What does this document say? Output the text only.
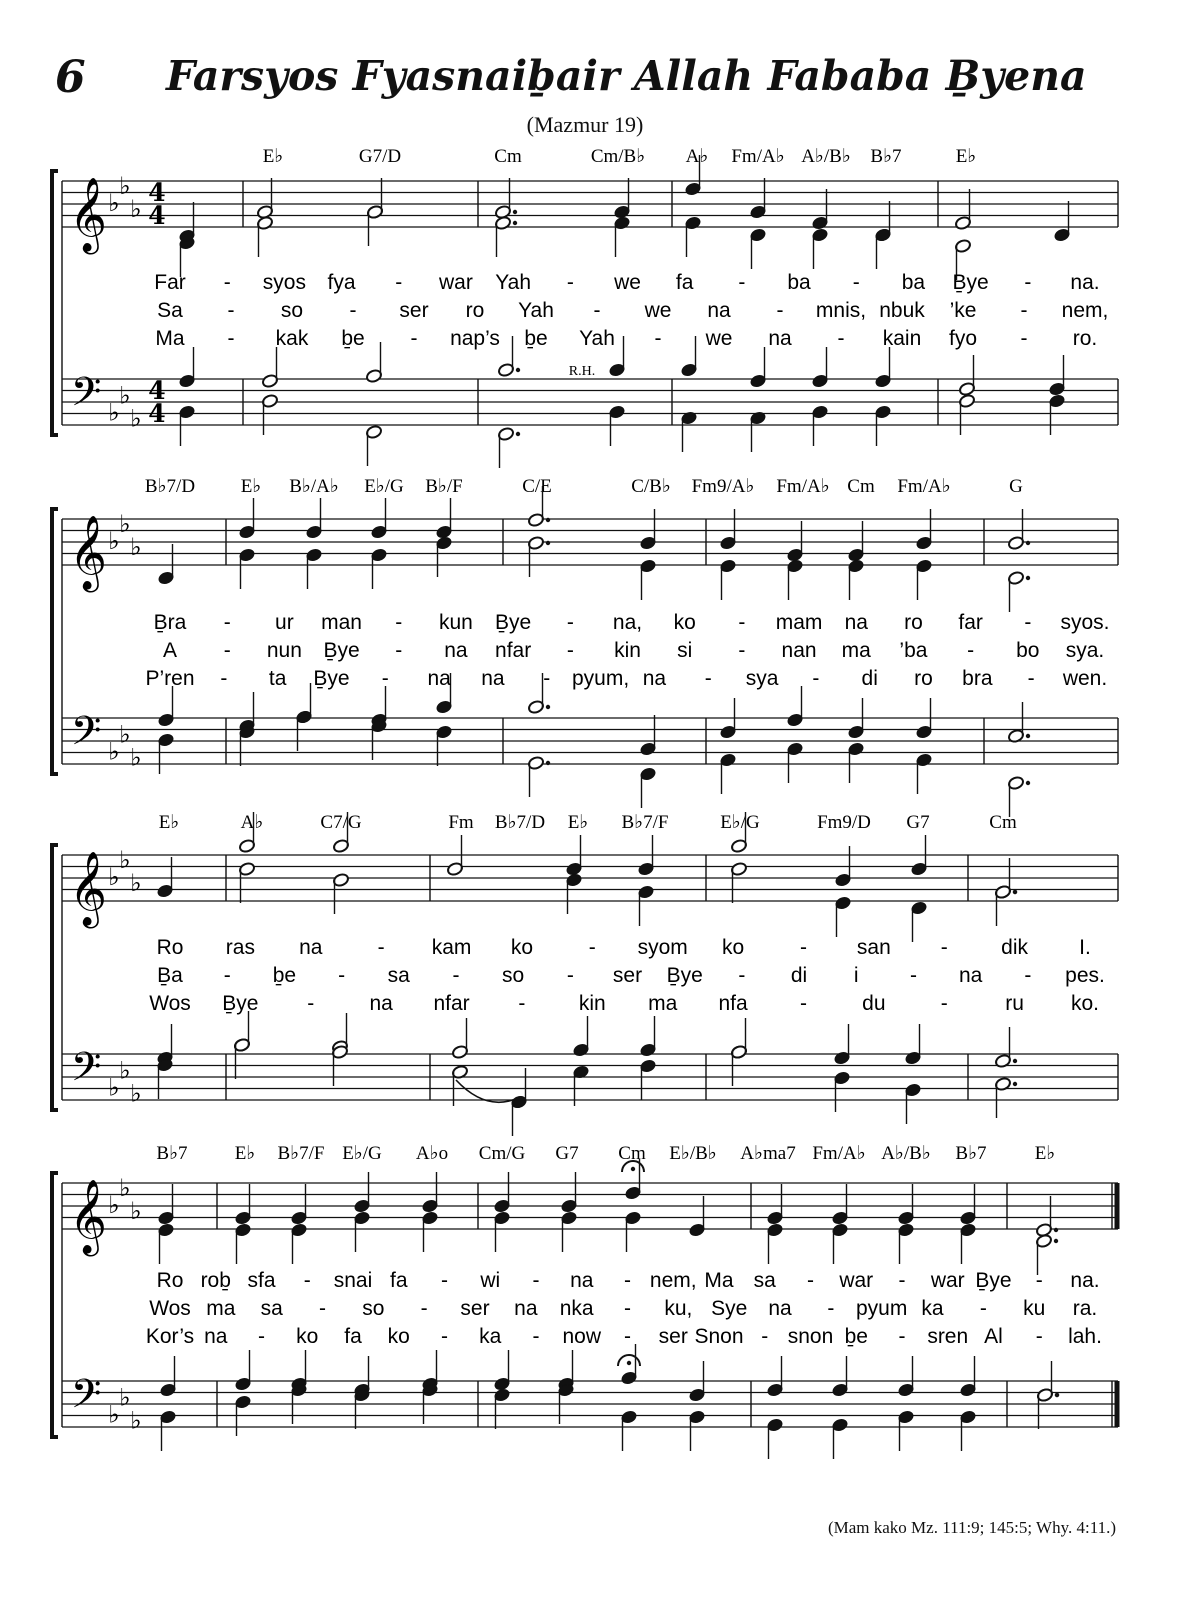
6 Farsyos Fyasnaiḇair Allah Fababa Ḇyena
(Mazmur 19)
𝄞 ♭
♭
♭
4
4
𝄢 ♭
♭
♭
4
4
E♭	G7/D	Cm	Cm/B♭ A♭ Fm/A♭ A♭/B♭ B♭7	E♭
R.H.
Far - syos fya - war Yah - we fa - ba - ba Ḇye - na.
Sa - so - ser ro Yah - we na - mnis, nbuk ’ke - nem,
Ma - kak ḇe - nap’s ḇe Yah - we na - kain fyo - ro.
𝄞 ♭
♭
♭
𝄢 ♭
♭
♭
B♭7/D E♭ B♭/A♭ E♭/G B♭/F	C/E	C/B♭ Fm9/A♭ Fm/A♭ Cm Fm/A♭	G
Ḇra - ur man - kun Ḇye - na, ko - mam na ro far - syos.
A - nun Ḇye - na nfar - kin si - nan ma ’ba - bo sya.
P’ren - ta Ḇye - na na - pyum, na - sya - di ro bra - wen.
𝄞 ♭
♭
♭
𝄢 ♭
♭
♭
E♭	A♭	C7/G	Fm B♭7/D E♭ B♭7/F	E♭/G	Fm9/D G7	Cm
Ro ras na	- kam ko	- syom ko	- san -	dik I.
Ḇa - ḇe - sa - so - ser Ḇye - di i - na - pes.
Wos Ḇye -	na nfar -	kin ma nfa -	du	-	ru ko.
𝄞 ♭
♭
♭
𝄢 ♭
♭
♭
B♭7 E♭ B♭7/F E♭/G A♭o Cm/G G7 Cm E♭/B♭ A♭ma7 Fm/A♭ A♭/B♭ B♭7	E♭
Ro roḇ sfa - snai fa - wi - na - nem, Ma sa - war - war Ḇye - na.
Wos ma sa - so - ser na nka - ku, Sye na - pyum ka - ku ra.
Kor’s na - ko fa ko - ka - now - ser Snon - snon ḇe - sren Al - lah.
(Mam kako Mz. 111:9; 145:5; Why. 4:11.)
